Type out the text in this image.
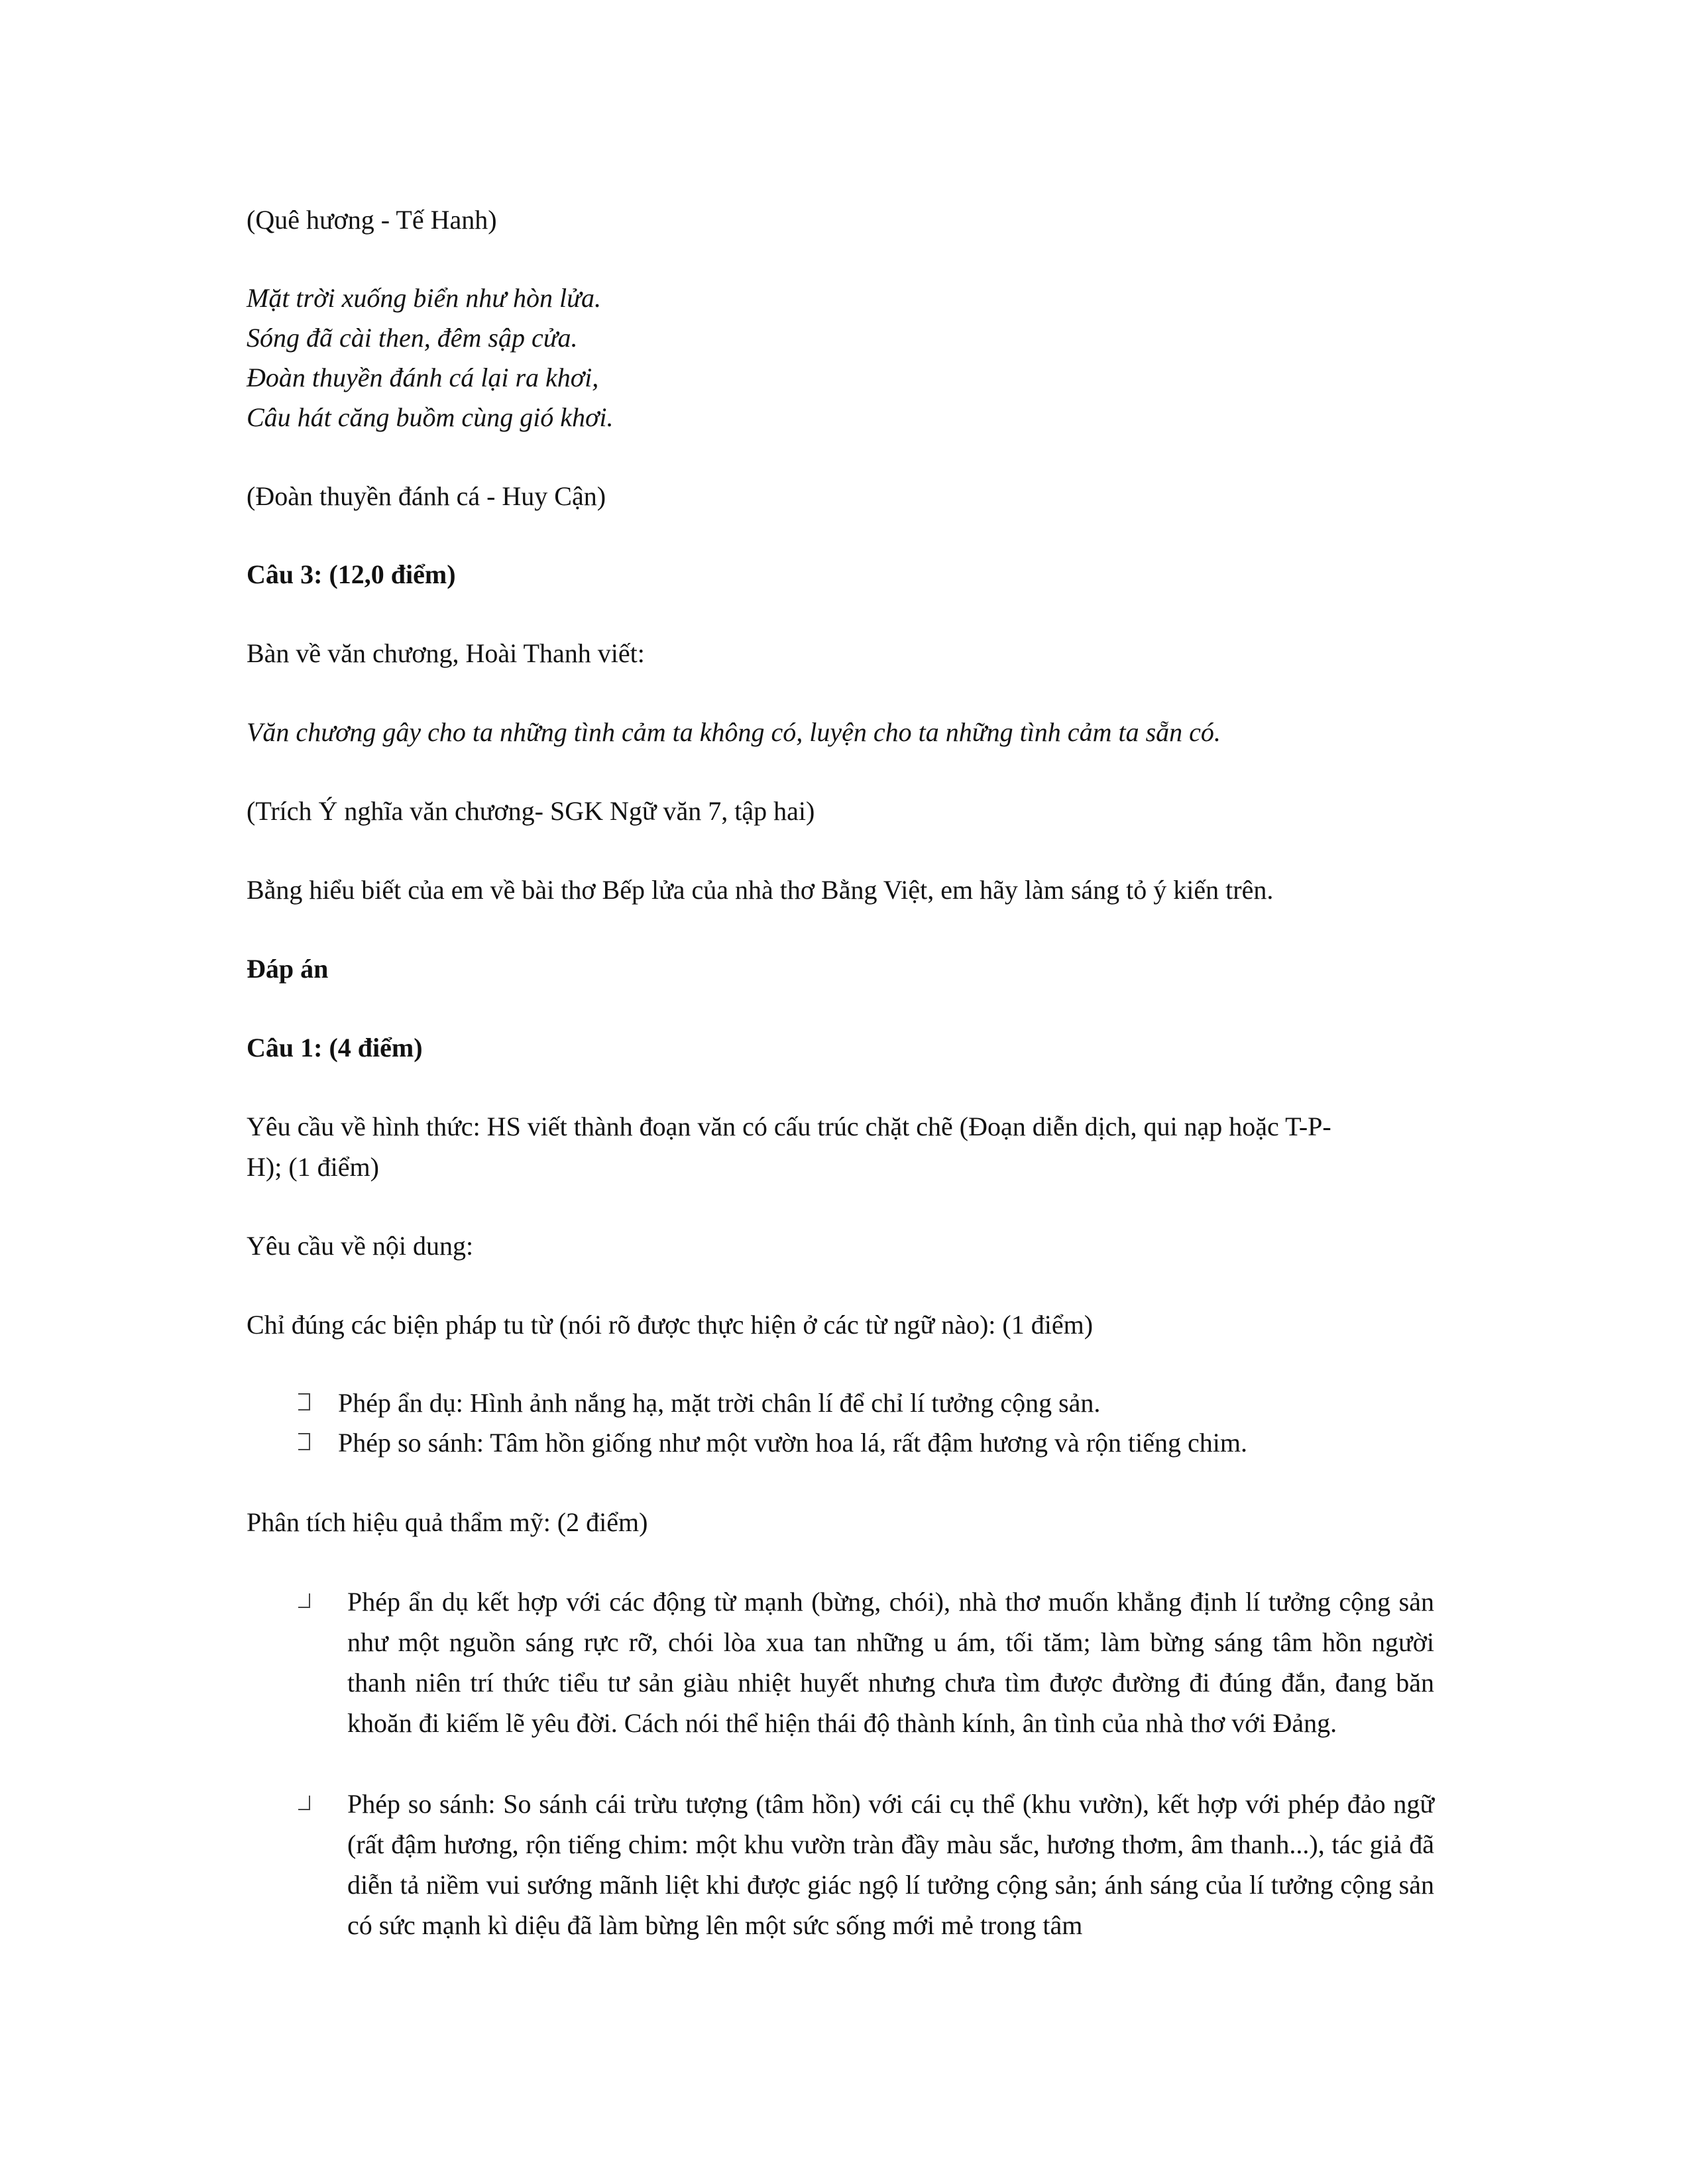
(Quê hương - Tế Hanh)
Mặt trời xuống biển như hòn lửa.
Sóng đã cài then, đêm sập cửa.
Đoàn thuyền đánh cá lại ra khơi,
Câu hát căng buồm cùng gió khơi.
(Đoàn thuyền đánh cá - Huy Cận)
Câu 3: (12,0 điểm)
Bàn về văn chương, Hoài Thanh viết:
Văn chương gây cho ta những tình cảm ta không có, luyện cho ta những tình cảm ta sẵn có.
(Trích Ý nghĩa văn chương- SGK Ngữ văn 7, tập hai)
Bằng hiểu biết của em về bài thơ Bếp lửa của nhà thơ Bằng Việt, em hãy làm sáng tỏ ý kiến trên.
Đáp án
Câu 1: (4 điểm)
Yêu cầu về hình thức: HS viết thành đoạn văn có cấu trúc chặt chẽ (Đoạn diễn dịch, qui nạp hoặc T-P-
H); (1 điểm)
Yêu cầu về nội dung:
Chỉ đúng các biện pháp tu từ (nói rõ được thực hiện ở các từ ngữ nào): (1 điểm)
Phép ẩn dụ: Hình ảnh nắng hạ, mặt trời chân lí để chỉ lí tưởng cộng sản.
Phép so sánh: Tâm hồn giống như một vườn hoa lá, rất đậm hương và rộn tiếng chim.
Phân tích hiệu quả thẩm mỹ: (2 điểm)
Phép ẩn dụ kết hợp với các động từ mạnh (bừng, chói), nhà thơ muốn khẳng định lí tưởng cộng sản như một nguồn sáng rực rỡ, chói lòa xua tan những u ám, tối tăm; làm bừng sáng tâm hồn người thanh niên trí thức tiểu tư sản giàu nhiệt huyết nhưng chưa tìm được đường đi đúng đắn, đang băn khoăn đi kiếm lẽ yêu đời. Cách nói thể hiện thái độ thành kính, ân tình của nhà thơ với Đảng.
Phép so sánh: So sánh cái trừu tượng (tâm hồn) với cái cụ thể (khu vườn), kết hợp với phép đảo ngữ (rất đậm hương, rộn tiếng chim: một khu vườn tràn đầy màu sắc, hương thơm, âm thanh...), tác giả đã diễn tả niềm vui sướng mãnh liệt khi được giác ngộ lí tưởng cộng sản; ánh sáng của lí tưởng cộng sản có sức mạnh kì diệu đã làm bừng lên một sức sống mới mẻ trong tâm
